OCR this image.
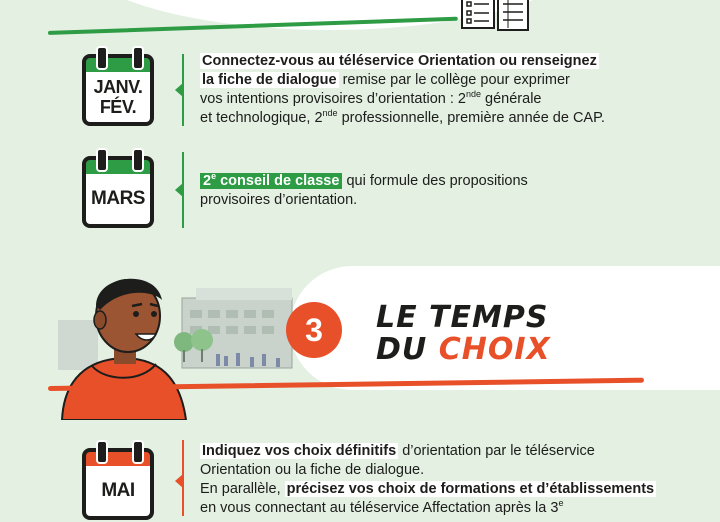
JANV.
FÉV.
Connectez-vous au téléservice Orientation ou renseignez
la fiche de dialogue remise par le collège pour exprimer
vos intentions provisoires d’orientation : 2nde générale
et technologique, 2nde professionnelle, première année de CAP.
MARS
2e conseil de classe qui formule des propositions
provisoires d’orientation.
3	LE TEMPS
DU CHOIX
MAI
Indiquez vos choix définitifs d’orientation par le téléservice
Orientation ou la fiche de dialogue.
En parallèle, précisez vos choix de formations et d’établissements
en vous connectant au téléservice Affectation après la 3e
